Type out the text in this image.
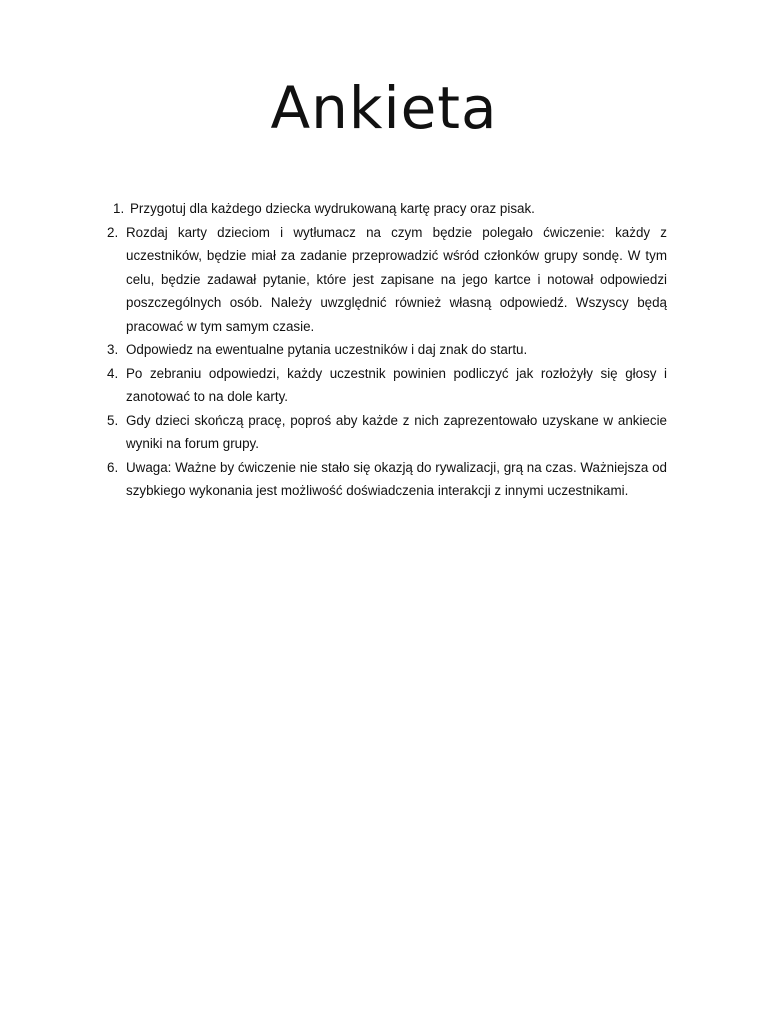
Ankieta
1. Przygotuj dla każdego dziecka wydrukowaną kartę pracy oraz pisak.
2. Rozdaj karty dzieciom i wytłumacz na czym będzie polegało ćwiczenie: każdy z uczestników, będzie miał za zadanie przeprowadzić wśród członków grupy sondę. W tym celu, będzie zadawał pytanie, które jest zapisane na jego kartce i notował odpowiedzi poszczególnych osób. Należy uwzględnić również własną odpowiedź. Wszyscy będą pracować w tym samym czasie.
3. Odpowiedz na ewentualne pytania uczestników i daj znak do startu.
4. Po zebraniu odpowiedzi, każdy uczestnik powinien podliczyć jak rozłożyły się głosy i zanotować to na dole karty.
5. Gdy dzieci skończą pracę, poproś aby każde z nich zaprezentowało uzyskane w ankiecie wyniki na forum grupy.
6. Uwaga: Ważne by ćwiczenie nie stało się okazją do rywalizacji, grą na czas. Ważniejsza od szybkiego wykonania jest możliwość doświadczenia interakcji z innymi uczestnikami.
